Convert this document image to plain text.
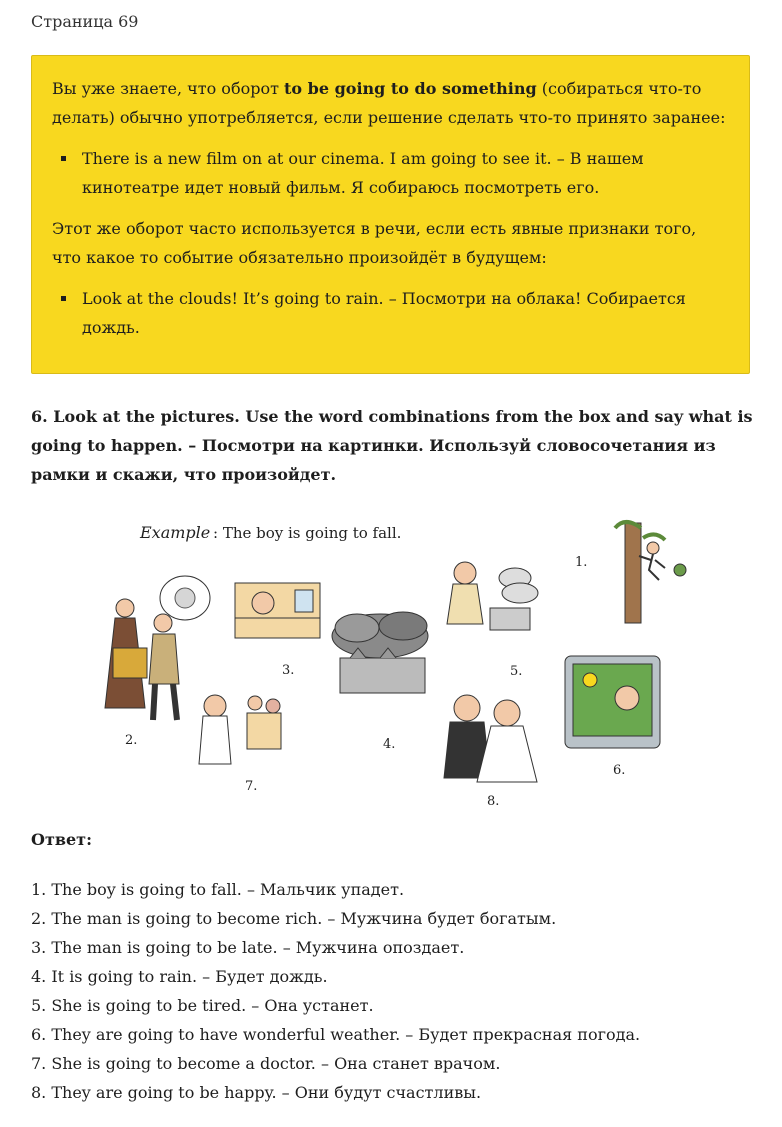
Страница 69

Вы уже знаете, что оборот to be going to do something (собираться что-то делать) обычно употребляется, если решение сделать что-то принято заранее:

There is a new film on at our cinema. I am going to see it. – В нашем кинотеатре идет новый фильм. Я собираюсь посмотреть его.

Этот же оборот часто используется в речи, если есть явные признаки того, что какое то событие обязательно произойдёт в будущем:

Look at the clouds! It’s going to rain. – Посмотри на облака! Собирается дождь.
6. Look at the pictures. Use the word combinations from the box and say what is going to happen. – Посмотри на картинки. Используй словосочетания из рамки и скажи, что произойдет.
Example : The boy is going to fall.
1.
2.
3.
4.
5.
6.
7.
8.
Ответ:
1. The boy is going to fall. – Мальчик упадет.
2. The man is going to become rich. – Мужчина будет богатым.
3. The man is going to be late. – Мужчина опоздает.
4. It is going to rain. – Будет дождь.
5. She is going to be tired. – Она устанет.
6. They are going to have wonderful weather. – Будет прекрасная погода.
7. She is going to become a doctor. – Она станет врачом.
8. They are going to be happy. – Они будут счастливы.
